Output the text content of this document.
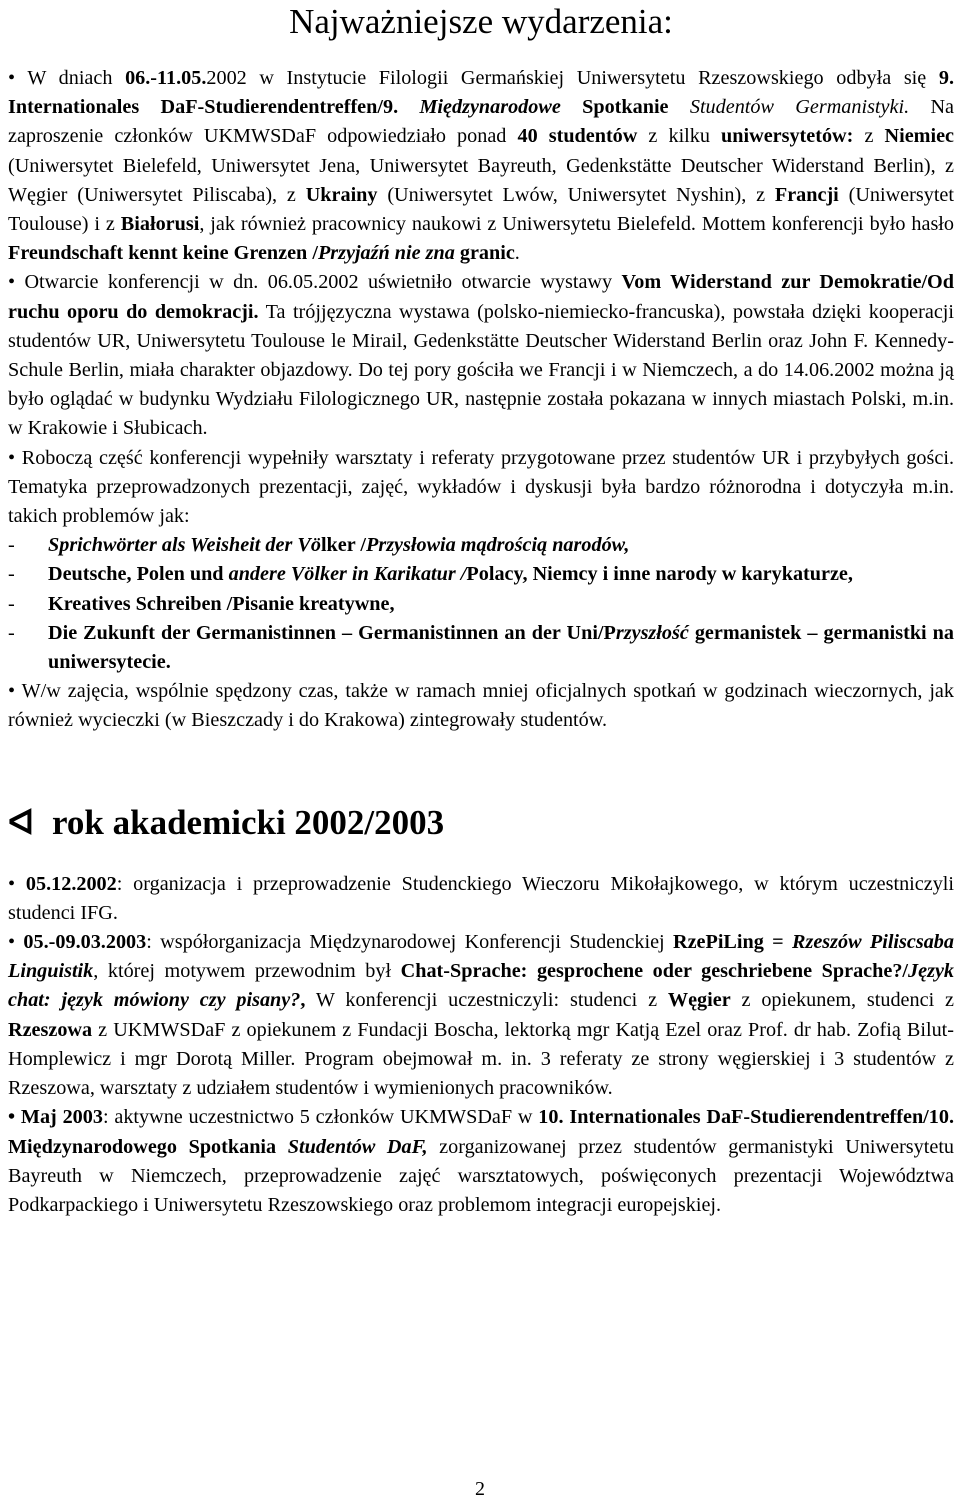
Najważniejsze wydarzenia:

• W dniach 06.-11.05.2002 w Instytucie Filologii Germańskiej Uniwersytetu Rzeszowskiego odbyła się 9. Internationales DaF-Studierendentreffen/9. Międzynarodowe Spotkanie Studentów Germanistyki. Na zaproszenie członków UKMWSDaF odpowiedziało ponad 40 studentów z kilku uniwersytetów: z Niemiec (Uniwersytet Bielefeld, Uniwersytet Jena, Uniwersytet Bayreuth, Gedenkstätte Deutscher Widerstand Berlin), z Węgier (Uniwersytet Piliscaba), z Ukrainy (Uniwersytet Lwów, Uniwersytet Nyshin), z Francji (Uniwersytet Toulouse) i z Białorusi, jak również pracownicy naukowi z Uniwersytetu Bielefeld. Mottem konferencji było hasło Freundschaft kennt keine Grenzen /Przyjaźń nie zna granic.

• Otwarcie konferencji w dn. 06.05.2002 uświetniło otwarcie wystawy Vom Widerstand zur Demokratie/Od ruchu oporu do demokracji. Ta trójjęzyczna wystawa (polsko-niemiecko-francuska), powstała dzięki kooperacji studentów UR, Uniwersytetu Toulouse le Mirail, Gedenkstätte Deutscher Widerstand Berlin oraz John F. Kennedy-Schule Berlin, miała charakter objazdowy. Do tej pory gościła we Francji i w Niemczech, a do 14.06.2002 można ją było oglądać w budynku Wydziału Filologicznego UR, następnie została pokazana w innych miastach Polski, m.in. w Krakowie i Słubicach.

• Roboczą część konferencji wypełniły warsztaty i referaty przygotowane przez studentów UR i przybyłych gości. Tematyka przeprowadzonych prezentacji, zajęć, wykładów i dyskusji była bardzo różnorodna i dotyczyła m.in. takich problemów jak:

-	Sprichwörter als Weisheit der Völker /Przysłowia mądrością narodów,
-	Deutsche, Polen und andere Völker in Karikatur /Polacy, Niemcy i inne narody w karykaturze,
-	Kreatives Schreiben /Pisanie kreatywne,
-	Die Zukunft der Germanistinnen – Germanistinnen an der Uni/Przyszłość germanistek – germanistki na uniwersytecie.

• W/w zajęcia, wspólnie spędzony czas, także w ramach mniej oficjalnych spotkań w godzinach wieczornych, jak również wycieczki (w Bieszczady i do Krakowa) zintegrowały studentów.

ᐊ rok akademicki 2002/2003

• 05.12.2002: organizacja i przeprowadzenie Studenckiego Wieczoru Mikołajkowego, w którym uczestniczyli studenci IFG.

• 05.-09.03.2003: współorganizacja Międzynarodowej Konferencji Studenckiej RzePiLing = Rzeszów Piliscsaba Linguistik, której motywem przewodnim był Chat-Sprache: gesprochene oder geschriebene Sprache?/Język chat: język mówiony czy pisany?, W konferencji uczestniczyli: studenci z Węgier z opiekunem, studenci z Rzeszowa z UKMWSDaF z opiekunem z Fundacji Boscha, lektorką mgr Katją Ezel oraz Prof. dr hab. Zofią Bilut-Homplewicz i mgr Dorotą Miller. Program obejmował m. in. 3 referaty ze strony węgierskiej i 3 studentów z Rzeszowa, warsztaty z udziałem studentów i wymienionych pracowników.

• Maj 2003: aktywne uczestnictwo 5 członków UKMWSDaF w 10. Internationales DaF-Studierendentreffen/10. Międzynarodowego Spotkania Studentów DaF, zorganizowanej przez studentów germanistyki Uniwersytetu Bayreuth w Niemczech, przeprowadzenie zajęć warsztatowych, poświęconych prezentacji Województwa Podkarpackiego i Uniwersytetu Rzeszowskiego oraz problemom integracji europejskiej.

2
